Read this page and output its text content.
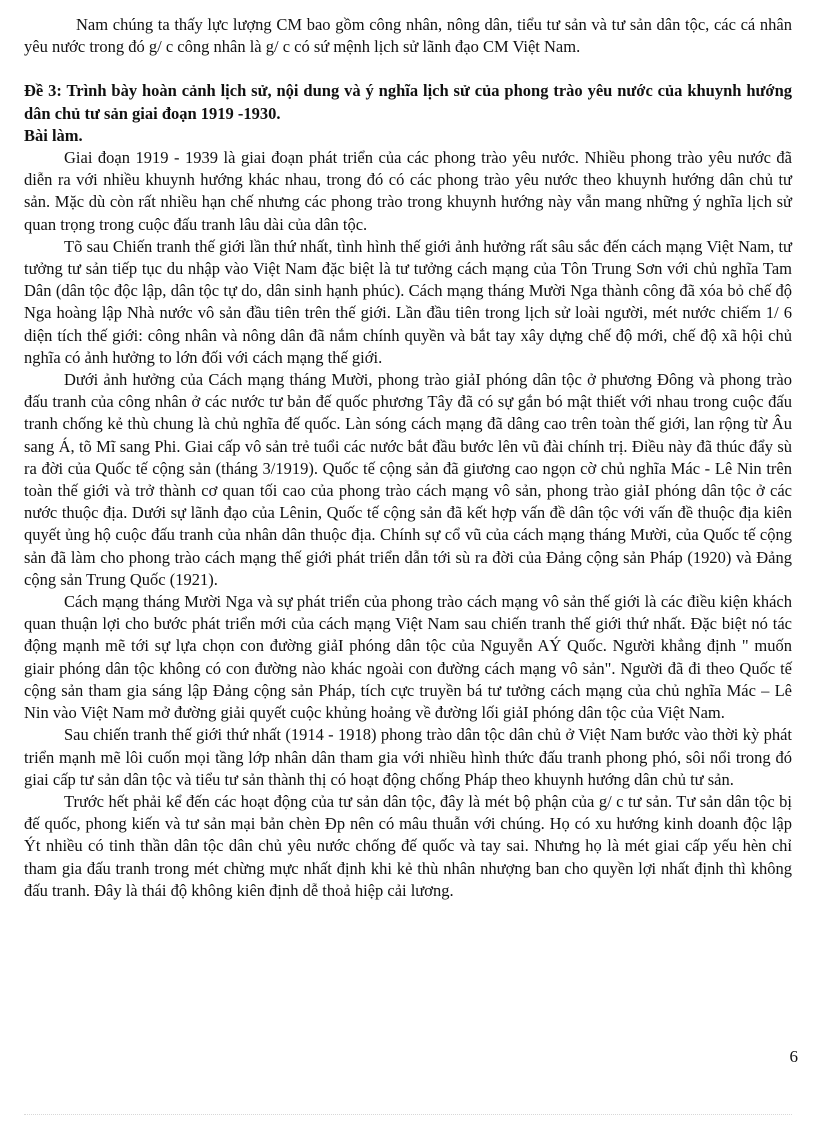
Nam chúng ta thấy lực lượng CM bao gồm công nhân, nông dân, tiểu tư sản và tư sản dân tộc, các cá nhân yêu nước trong đó g/ c công nhân là g/ c có sứ mệnh lịch sử lãnh đạo CM Việt Nam.

Đề 3: Trình bày hoàn cảnh lịch sử, nội dung và ý nghĩa lịch sử của phong trào yêu nước của khuynh hướng dân chủ tư sản giai đoạn 1919 -1930.

Bài làm.

Giai đoạn 1919 - 1939 là giai đoạn phát triển của các phong trào yêu nước. Nhiều phong trào yêu nước đã diễn ra với nhiều khuynh hướng khác nhau, trong đó có các phong trào yêu nước theo khuynh hướng dân chủ tư sản. Mặc dù còn rất nhiều hạn chế nhưng các phong trào trong khuynh hướng này vẫn mang những ý nghĩa lịch sử quan trọng trong cuộc đấu tranh lâu dài của dân tộc.

Tõ sau Chiến tranh thế giới lần thứ nhất, tình hình thế giới ảnh hưởng rất sâu sắc đến cách mạng Việt Nam, tư tưởng tư sản tiếp tục du nhập vào Việt Nam đặc biệt là tư tưởng cách mạng của Tôn Trung Sơn với chủ nghĩa Tam Dân (dân tộc độc lập, dân tộc tự do, dân sinh hạnh phúc). Cách mạng tháng Mười Nga thành công đã xóa bỏ chế độ Nga hoàng lập Nhà nước vô sản đầu tiên trên thế giới. Lần đầu tiên trong lịch sử loài người, mét nước chiếm 1/ 6 diện tích thế giới: công nhân và nông dân đã nắm chính quyền và bắt tay xây dựng chế độ mới, chế độ xã hội chủ nghĩa có ảnh hưởng to lớn đối với cách mạng thế giới.

Dưới ảnh hưởng của Cách mạng tháng Mười, phong trào giảI phóng dân tộc ở phương Đông và phong trào đấu tranh của công nhân ở các nước tư bản đế quốc phương Tây đã có sự gắn bó mật thiết với nhau trong cuộc đấu tranh chống kẻ thù chung là chủ nghĩa đế quốc. Làn sóng cách mạng đã dâng cao trên toàn thế giới, lan rộng từ Âu sang Á, tõ Mĩ sang Phi. Giai cấp vô sản trẻ tuổi các nước bắt đầu bước lên vũ đài chính trị. Điều này đã thúc đẩy sù ra đời của Quốc tế cộng sản (tháng 3/1919). Quốc tế cộng sản đã giương cao ngọn cờ chủ nghĩa Mác - Lê Nin trên toàn thế giới và trở thành cơ quan tối cao của phong trào cách mạng vô sản, phong trào giảI phóng dân tộc ở các nước thuộc địa. Dưới sự lãnh đạo của Lênin, Quốc tế cộng sản đã kết hợp vấn đề dân tộc với vấn đề thuộc địa kiên quyết ủng hộ cuộc đấu tranh của nhân dân thuộc địa. Chính sự cổ vũ của cách mạng tháng Mười, của Quốc tế cộng sản đã làm cho phong trào cách mạng thế giới phát triển dẫn tới sù ra đời của Đảng cộng sản Pháp (1920) và Đảng cộng sản Trung Quốc (1921).

Cách mạng tháng Mười Nga và sự phát triển của phong trào cách mạng vô sản thế giới là các điều kiện khách quan thuận lợi cho bước phát triển mới của cách mạng Việt Nam sau chiến tranh thế giới thứ nhất. Đặc biệt nó tác động mạnh mẽ tới sự lựa chọn con đường giảI phóng dân tộc của Nguyễn AÝ Quốc. Người khẳng định " muốn giair phóng dân tộc không có con đường nào khác ngoài con đường cách mạng vô sản". Người đã đi theo Quốc tế cộng sản tham gia sáng lập Đảng cộng sản Pháp, tích cực truyền bá tư tưởng cách mạng của chủ nghĩa Mác – Lê Nin vào Việt Nam mở đường giải quyết cuộc khủng hoảng về đường lối giảI phóng dân tộc của Việt Nam.

Sau chiến tranh thế giới thứ nhất (1914 - 1918) phong trào dân tộc dân chủ ở Việt Nam bước vào thời kỳ phát triển mạnh mẽ lôi cuốn mọi tầng lớp nhân dân tham gia với nhiều hình thức đấu tranh phong phó, sôi nổi trong đó giai cấp tư sản dân tộc và tiểu tư sản thành thị có hoạt động chống Pháp theo khuynh hướng dân chủ tư sản.

Trước hết phải kể đến các hoạt động của tư sản dân tộc, đây là mét bộ phận của g/ c tư sản. Tư sản dân tộc bị đế quốc, phong kiến và tư sản mại bản chèn Ðp nên có mâu thuẫn với chúng. Họ có xu hướng kinh doanh độc lập Ýt nhiều có tinh thần dân tộc dân chủ yêu nước chống đế quốc và tay sai. Nhưng họ là mét giai cấp yếu hèn chỉ tham gia đấu tranh trong mét chừng mực nhất định khi kẻ thù nhân nhượng ban cho quyền lợi nhất định thì không đấu tranh. Đây là thái độ không kiên định dễ thoả hiệp cải lương.

6
